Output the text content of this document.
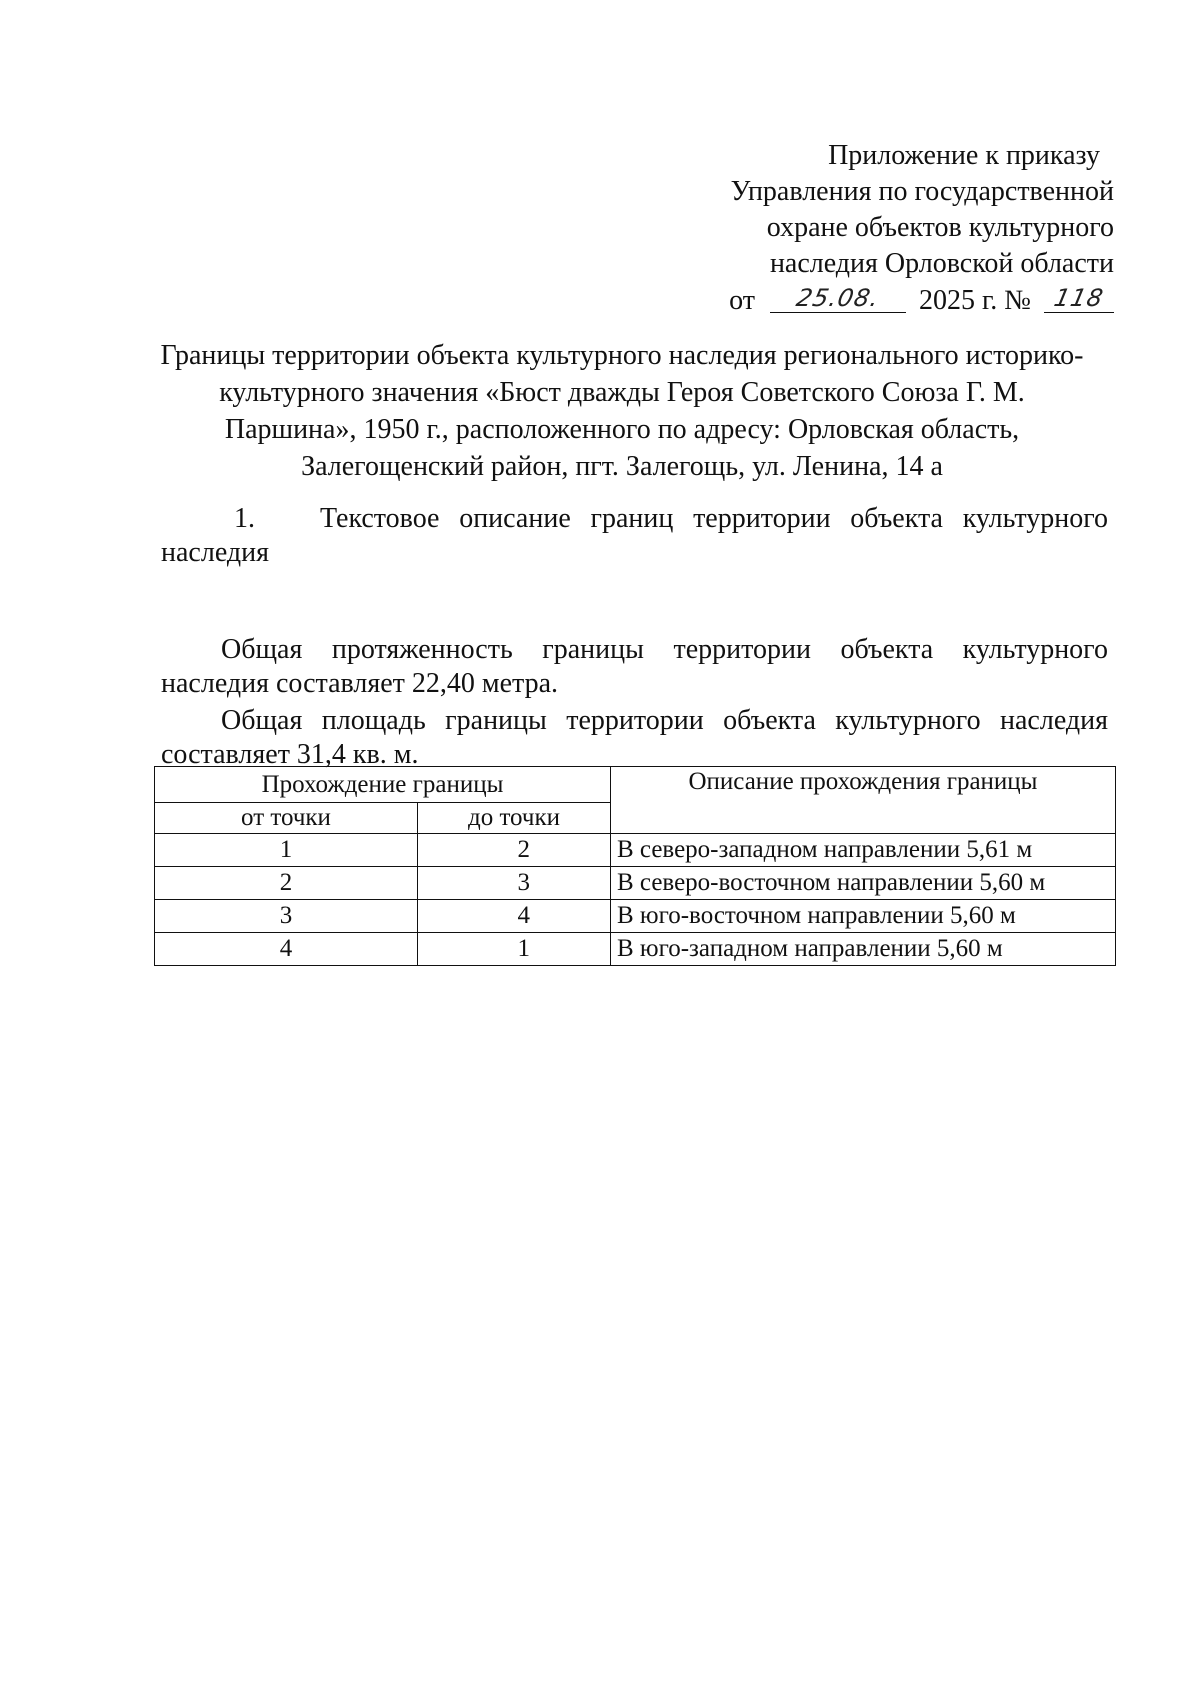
Приложение к приказу
Управления по государственной
охране объектов культурного
наследия Орловской области
от	25.08.	2025 г. № 118
Границы территории объекта культурного наследия регионального историко-
культурного значения «Бюст дважды Героя Советского Союза Г. М.
Паршина», 1950 г., расположенного по адресу: Орловская область,
Залегощенский район, пгт. Залегощь, ул. Ленина, 14 а
1.	Текстовое описание границ территории объекта культурного
наследия
Общая протяженность границы территории объекта культурного
наследия составляет 22,40 метра.
Общая площадь границы территории объекта культурного наследия
составляет 31,4 кв. м.
Прохождение границы		Описание прохождения границы
от точки	до точки	
1	2	В северо-западном направлении 5,61 м
2	3	В северо-восточном направлении 5,60 м
3	4	В юго-восточном направлении 5,60 м
4	1	В юго-западном направлении 5,60 м
